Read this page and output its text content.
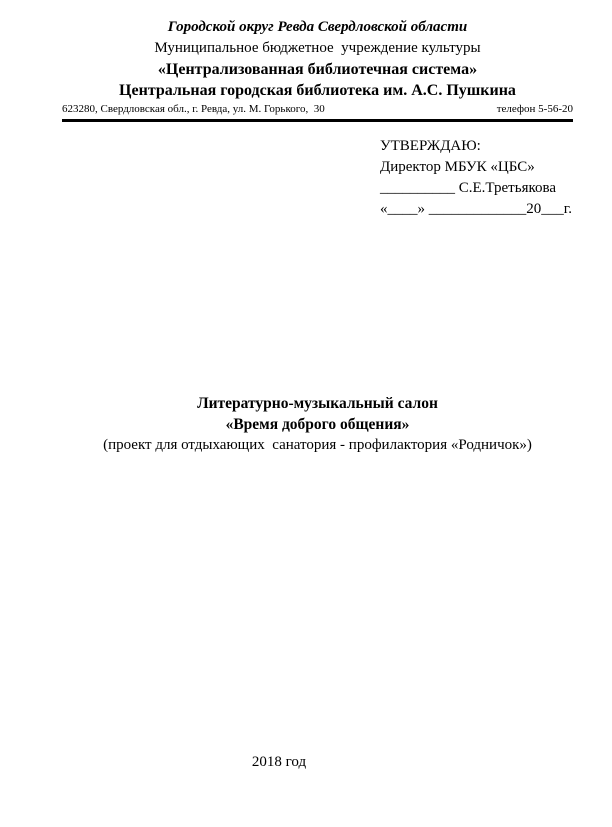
Городской округ Ревда Свердловской области
Муниципальное бюджетное  учреждение культуры
«Централизованная библиотечная система»
Центральная городская библиотека им. А.С. Пушкина
623280, Свердловская обл., г. Ревда, ул. М. Горького,  30	телефон 5-56-20
УТВЕРЖДАЮ:
Директор МБУК «ЦБС»
__________ С.Е.Третьякова
«____» _____________20___г.
Литературно-музыкальный салон
«Время доброго общения»
(проект для отдыхающих  санатория - профилактория «Родничок»)
2018 год
